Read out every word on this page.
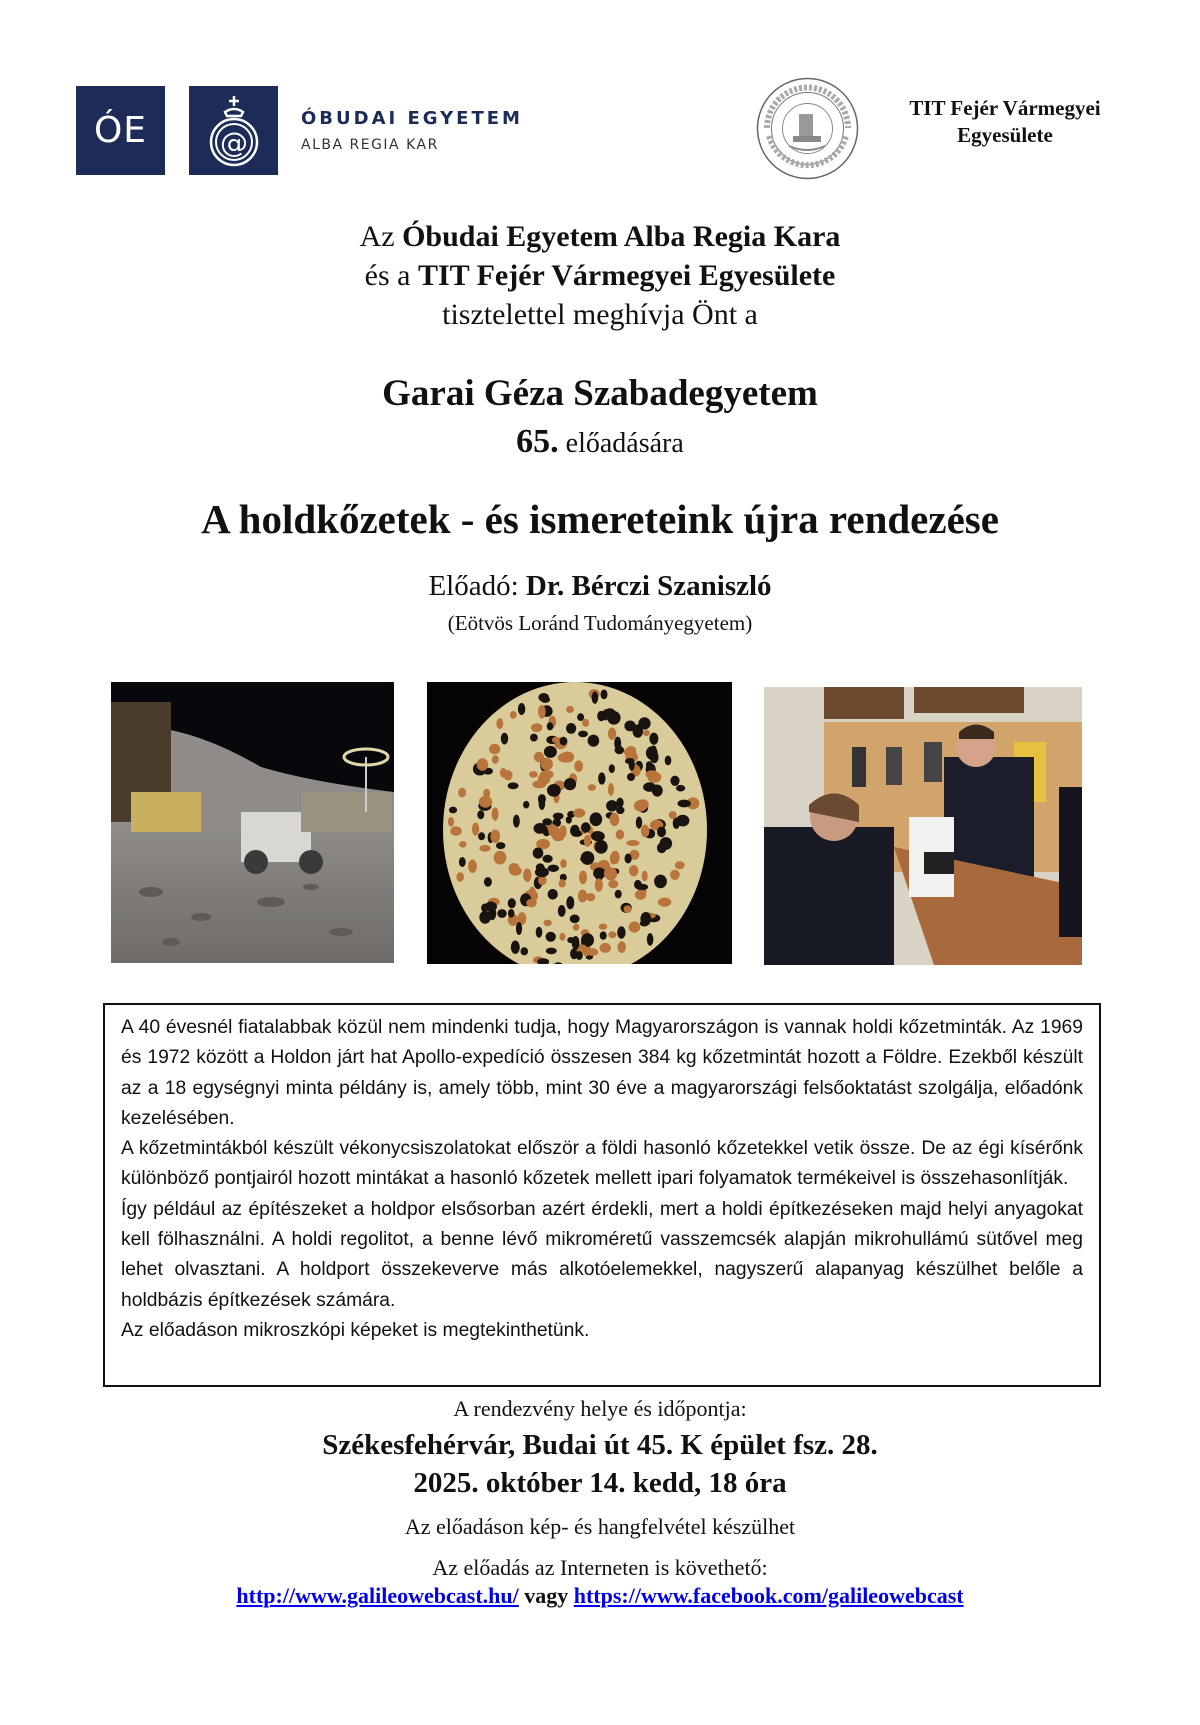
ÓE	@
ÓBUDAI EGYETEM
ALBA REGIA KAR
TIT Fejér Vármegyei
Egyesülete
Az Óbudai Egyetem Alba Regia Kara
és a TIT Fejér Vármegyei Egyesülete
tisztelettel meghívja Önt a
Garai Géza Szabadegyetem
65. előadására
A holdkőzetek - és ismereteink újra rendezése
Előadó: Dr. Bérczi Szaniszló
(Eötvös Loránd Tudományegyetem)

A 40 évesnél fiatalabbak közül nem mindenki tudja, hogy Magyarországon is vannak holdi kőzetminták. Az 1969 és 1972 között a Holdon járt hat Apollo-expedíció összesen 384 kg kőzetmintát hozott a Földre. Ezekből készült az a 18 egységnyi minta példány is, amely több, mint 30 éve a magyarországi felsőoktatást szolgálja, előadónk kezelésében.

A kőzetmintákból készült vékonycsiszolatokat először a földi hasonló kőzetekkel vetik össze. De az égi kísérőnk különböző pontjairól hozott mintákat a hasonló kőzetek mellett ipari folyamatok termékeivel is összehasonlítják.

Így például az építészeket a holdpor elsősorban azért érdekli, mert a holdi építkezéseken majd helyi anyagokat kell fölhasználni. A holdi regolitot, a benne lévő mikroméretű vasszemcsék alapján mikrohullámú sütővel meg lehet olvasztani. A holdport összekeverve más alkotóelemekkel, nagyszerű alapanyag készülhet belőle a holdbázis építkezések számára.

Az előadáson mikroszkópi képeket is megtekinthetünk.

A rendezvény helye és időpontja:
Székesfehérvár, Budai út 45. K épület fsz. 28.
2025. október 14. kedd, 18 óra
Az előadáson kép- és hangfelvétel készülhet
Az előadás az Interneten is követhető:
http://www.galileowebcast.hu/ vagy https://www.facebook.com/galileowebcast
